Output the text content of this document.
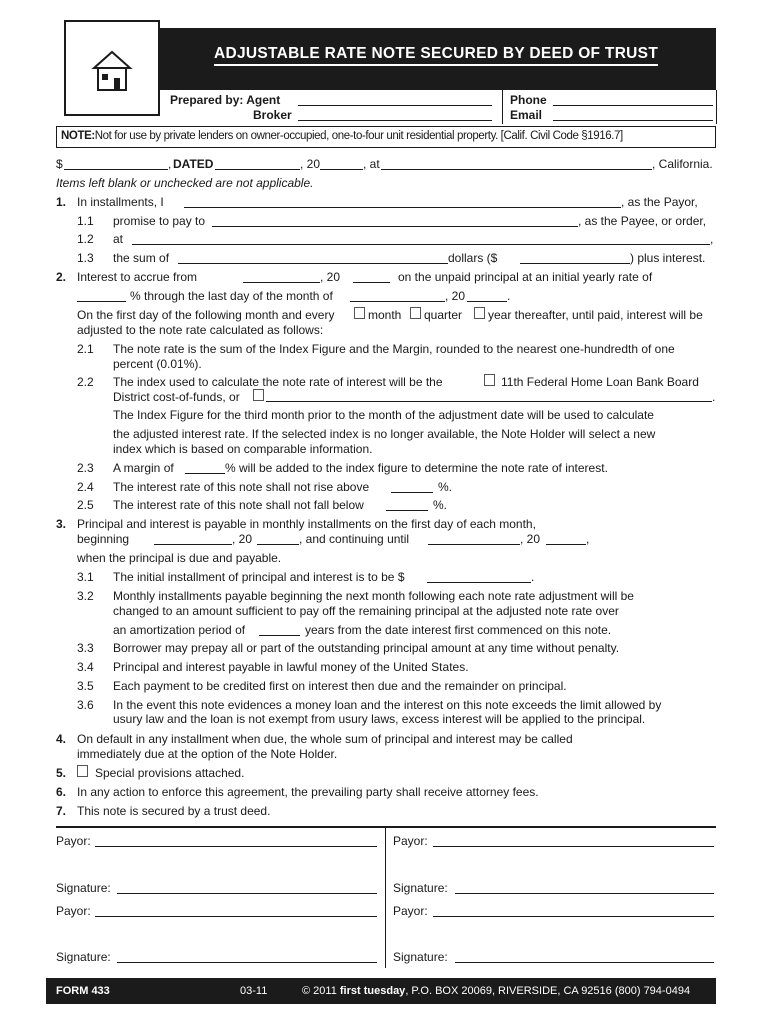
ADJUSTABLE RATE NOTE SECURED BY DEED OF TRUST
Prepared by: Agent
Broker
Phone
Email
NOTE:Not for use by private lenders on owner-occupied, one-to-four unit residential property. [Calif. Civil Code §1916.7]
$	, DATED	, 20	, at	, California.
Items left blank or unchecked are not applicable.
1. In installments, I	, as the Payor,
1.1 promise to pay to	, as the Payee, or order,
1.2 at	,
1.3 the sum of	dollars ($	) plus interest.
2. Interest to accrue from	, 20	on the unpaid principal at an initial yearly rate of
% through the last day of the month of	, 20	.
On the first day of the following month and every	month quarter year thereafter, until paid, interest will be
adjusted to the note rate calculated as follows:
2.1 The note rate is the sum of the Index Figure and the Margin, rounded to the nearest one-hundredth of one
percent (0.01%).
2.2 The index used to calculate the note rate of interest will be the	11th Federal Home Loan Bank Board
District cost-of-funds, or	.
The Index Figure for the third month prior to the month of the adjustment date will be used to calculate
the adjusted interest rate. If the selected index is no longer available, the Note Holder will select a new
index which is based on comparable information.
2.3 A margin of	% will be added to the index figure to determine the note rate of interest.
2.4 The interest rate of this note shall not rise above	%.
2.5 The interest rate of this note shall not fall below	%.
3. Principal and interest is payable in monthly installments on the first day of each month,
beginning	, 20	, and continuing until	, 20	,
when the principal is due and payable.
3.1 The initial installment of principal and interest is to be $	.
3.2 Monthly installments payable beginning the next month following each note rate adjustment will be
changed to an amount sufficient to pay off the remaining principal at the adjusted note rate over
an amortization period of	years from the date interest first commenced on this note.
3.3 Borrower may prepay all or part of the outstanding principal amount at any time without penalty.
3.4 Principal and interest payable in lawful money of the United States.
3.5 Each payment to be credited first on interest then due and the remainder on principal.
3.6 In the event this note evidences a money loan and the interest on this note exceeds the limit allowed by
usury law and the loan is not exempt from usury laws, excess interest will be applied to the principal.
4. On default in any installment when due, the whole sum of principal and interest may be called
immediately due at the option of the Note Holder.
5. Special provisions attached.
6. In any action to enforce this agreement, the prevailing party shall receive attorney fees.
7. This note is secured by a trust deed.
Payor:	Payor:
Signature:	Signature:
Payor:	Payor:
Signature:	Signature:
FORM 433	03-11	© 2011 first tuesday, P.O. BOX 20069, RIVERSIDE, CA 92516 (800) 794-0494
